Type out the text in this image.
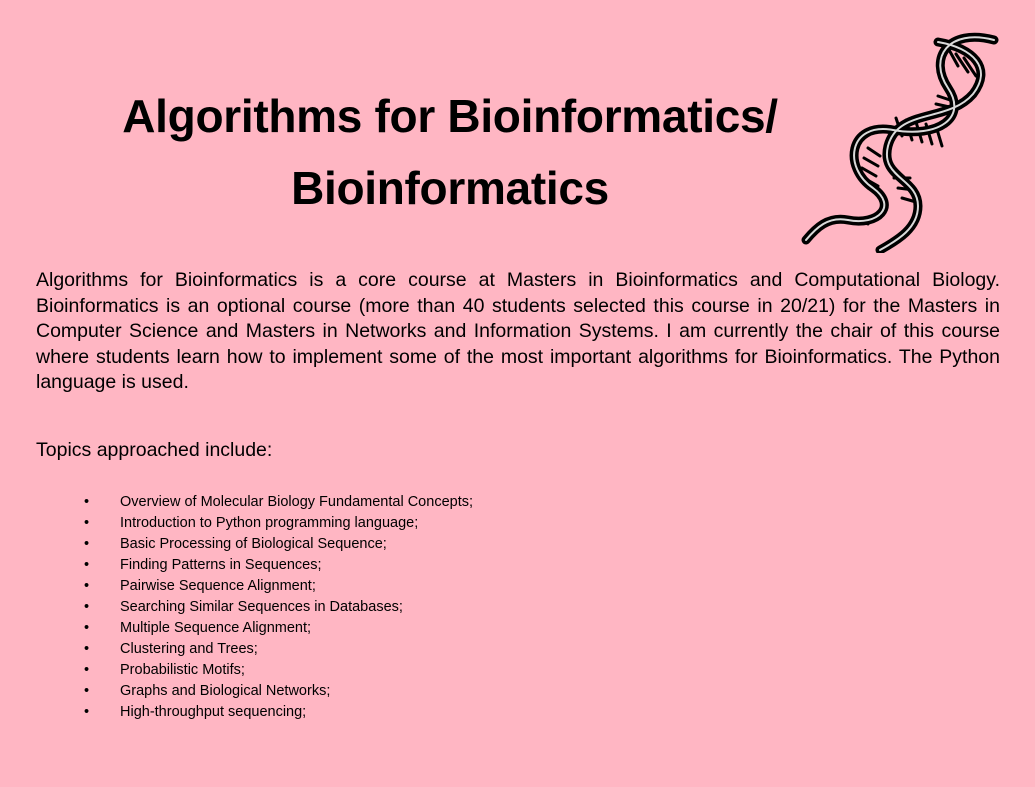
Algorithms for Bioinformatics/
Bioinformatics
Algorithms for Bioinformatics is a core course at Masters in Bioinformatics and Computational Biology. Bioinformatics is an optional course (more than 40 students selected this course in 20/21) for the Masters in Computer Science and Masters in Networks and Information Systems. I am currently the chair of this course where students learn how to implement some of the most important algorithms for Bioinformatics. The Python language is used.
Topics approached include:
• Overview of Molecular Biology Fundamental Concepts;
• Introduction to Python programming language;
• Basic Processing of Biological Sequence;
• Finding Patterns in Sequences;
• Pairwise Sequence Alignment;
• Searching Similar Sequences in Databases;
• Multiple Sequence Alignment;
• Clustering and Trees;
• Probabilistic Motifs;
• Graphs and Biological Networks;
• High-throughput sequencing;
